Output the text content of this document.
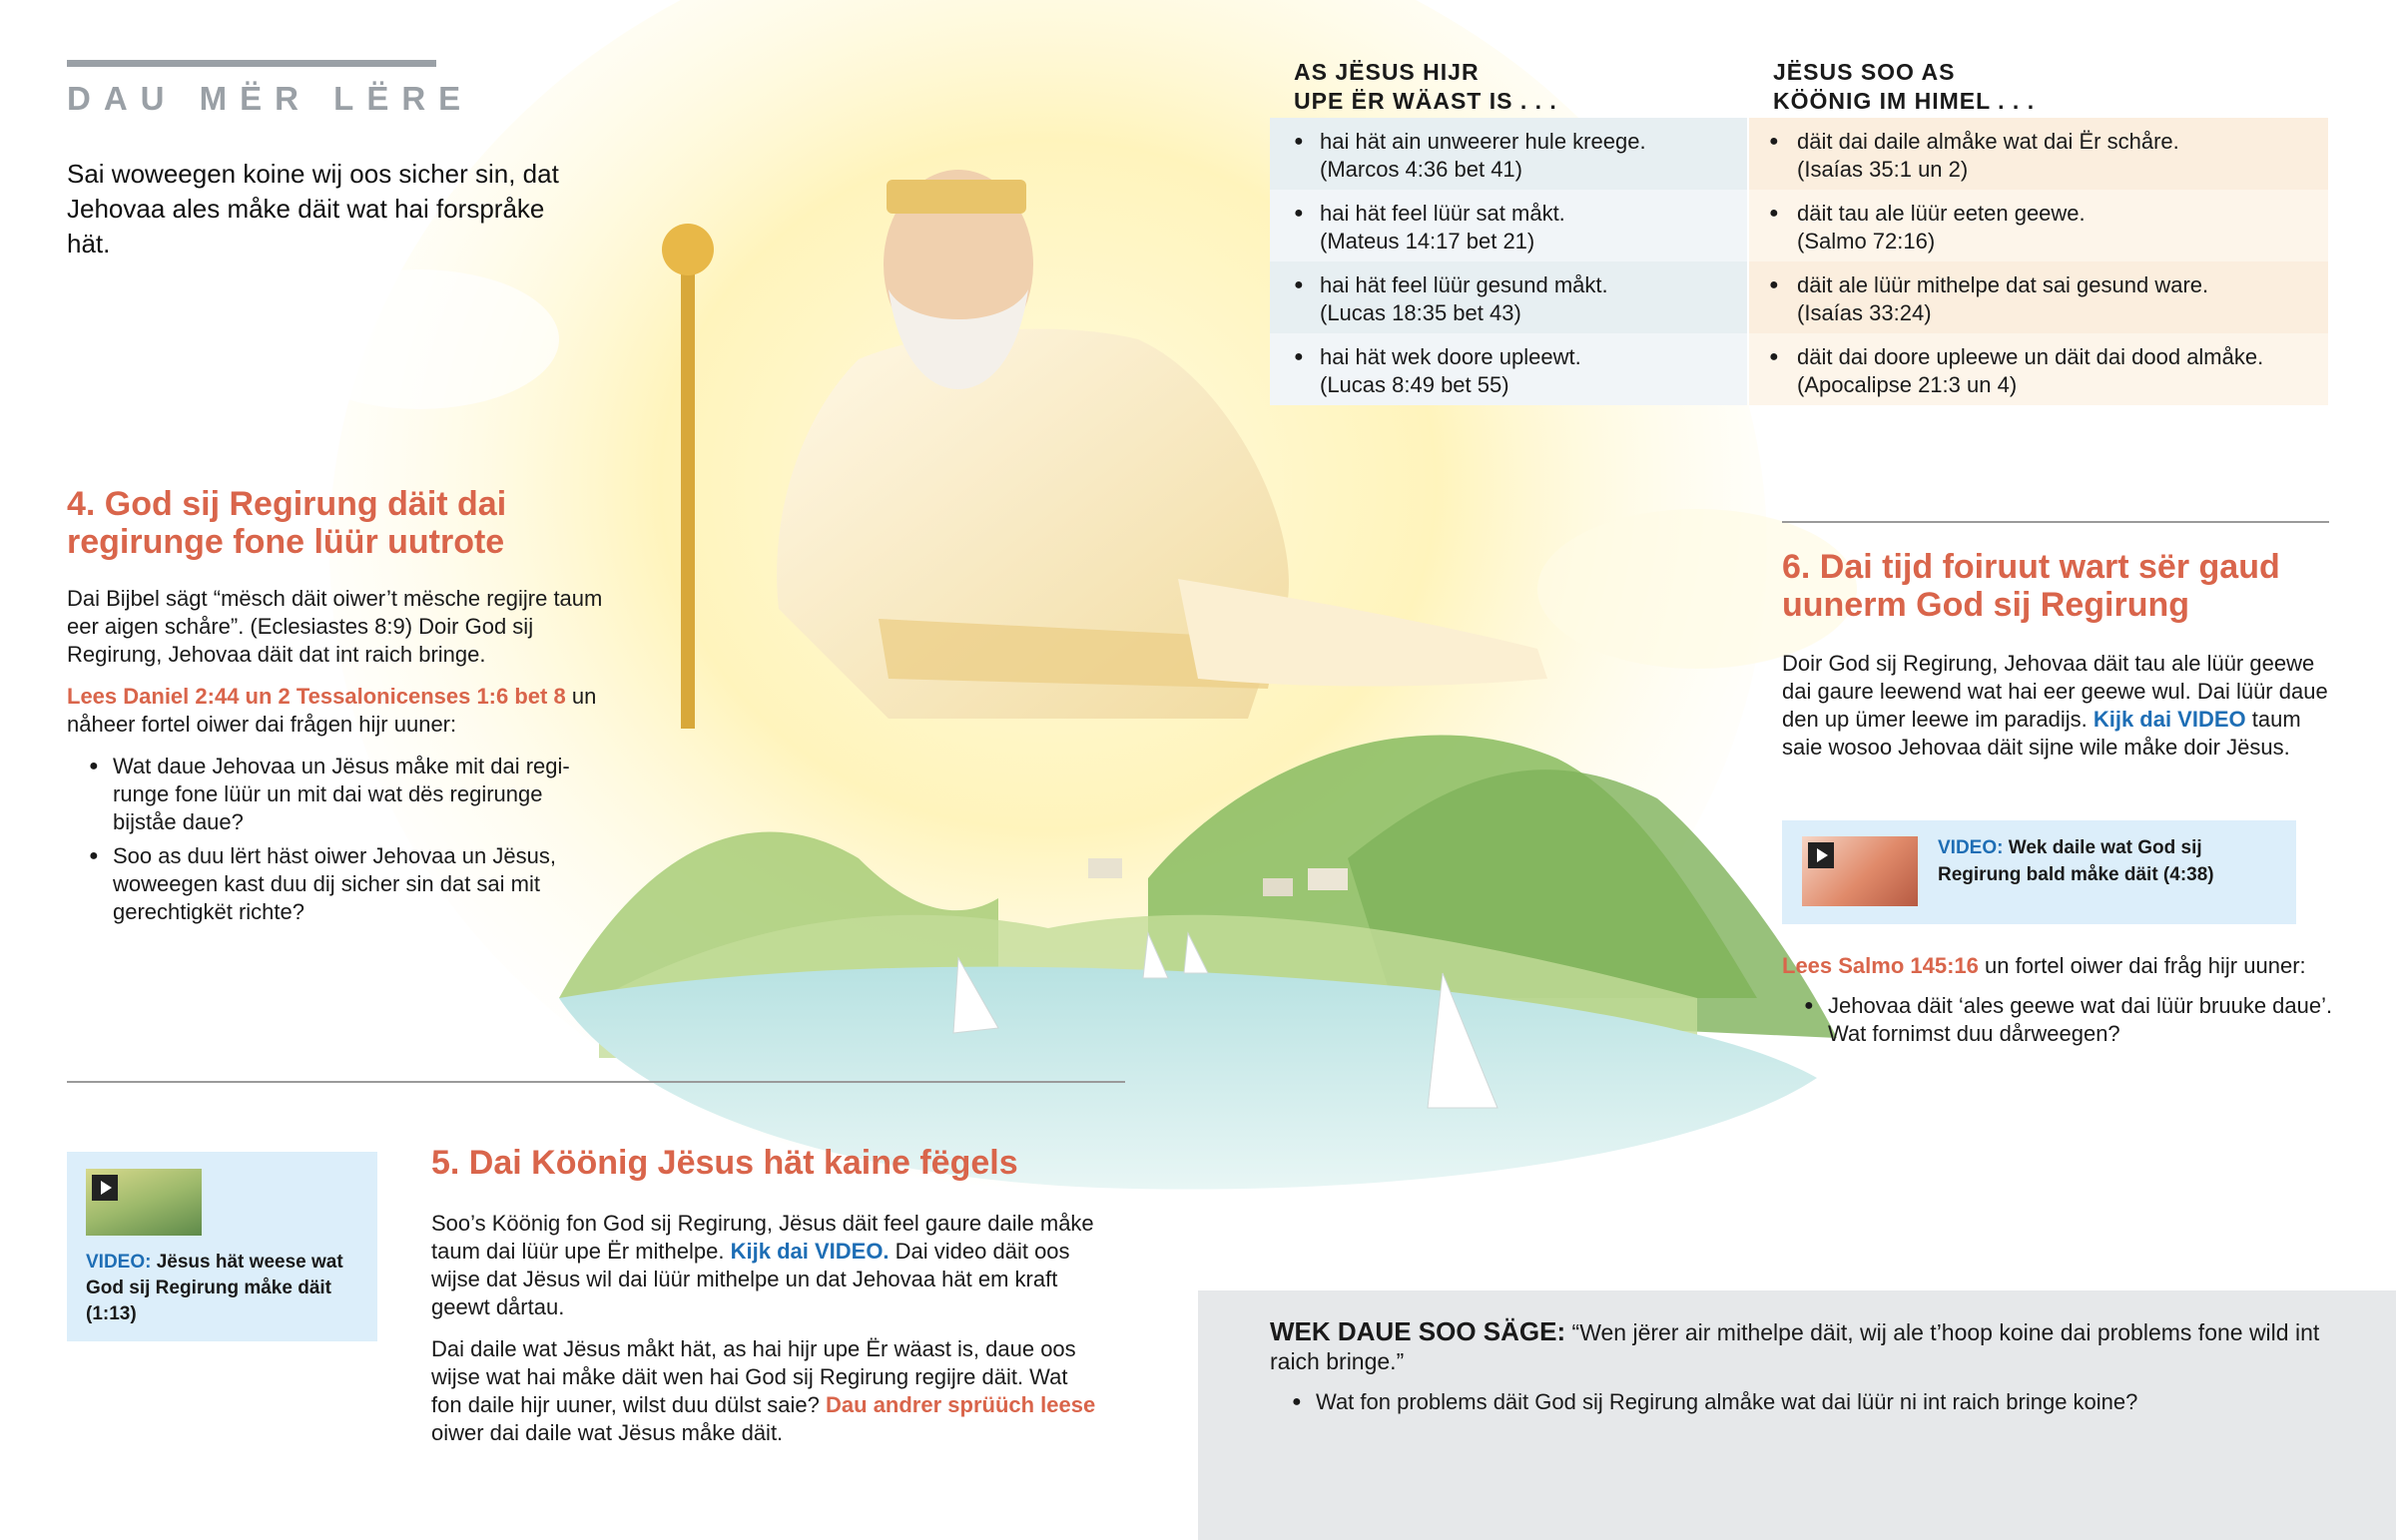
DAU MËR LËRE
Sai woweegen koine wij oos sicher sin, dat Jehovaa ales måke däit wat hai forspråke hät.
AS JËSUS HIJR
UPE ËR WÄAST IS . . .
● hai hät ain unweerer hule kreege.
(Marcos 4:36 bet 41)
● hai hät feel lüür sat måkt.
(Mateus 14:17 bet 21)
● hai hät feel lüür gesund måkt.
(Lucas 18:35 bet 43)
● hai hät wek doore upleewt.
(Lucas 8:49 bet 55)
JËSUS SOO AS
KÖÖNIG IM HIMEL . . .
● däit dai daile almåke wat dai Ër schåre.
(Isaías 35:1 un 2)
● däit tau ale lüür eeten geewe.
(Salmo 72:16)
● däit ale lüür mithelpe dat sai gesund ware.
(Isaías 33:24)
● däit dai doore upleewe un däit dai dood almåke.
(Apocalipse 21:3 un 4)
4. God sij Regirung däit dai
regirunge fone lüür uutrote

Dai Bijbel sägt “mësch däit oiwer’t mësche regijre taum eer aigen schåre”. (Eclesiastes 8:9) Doir God sij Regirung, Jehovaa däit dat int raich bringe.

Lees Daniel 2:44 un 2 Tessalonicenses 1:6 bet 8 un nåheer fortel oiwer dai frågen hijr uuner:

● Wat daue Jehovaa un Jësus måke mit dai regirunge fone lüür un mit dai wat dës regirunge bijståe daue?
● Soo as duu lërt häst oiwer Jehovaa un Jësus, woweegen kast duu dij sicher sin dat sai mit gerechtigkët richte?
6. Dai tijd foiruut wart sër gaud
uunerm God sij Regirung

Doir God sij Regirung, Jehovaa däit tau ale lüür geewe dai gaure leewend wat hai eer geewe wul. Dai lüür daue den up ümer leewe im paradijs. Kijk dai VIDEO taum saie wosoo Jehovaa däit sijne wile måke doir Jësus.

VIDEO: Wek daile wat God sij Regirung bald måke däit (4:38)

Lees Salmo 145:16 un fortel oiwer dai fråg hijr uuner:

● Jehovaa däit ‘ales geewe wat dai lüür bruuke daue’. Wat fornimst duu dårweegen?
VIDEO: Jësus hät weese wat God sij Regirung måke däit (1:13)
5. Dai Köönig Jësus hät kaine fëgels

Soo’s Köönig fon God sij Regirung, Jësus däit feel gaure daile måke taum dai lüür upe Ër mithelpe. Kijk dai VIDEO. Dai video däit oos wijse dat Jësus wil dai lüür mithelpe un dat Jehovaa hät em kraft geewt dårtau.

Dai daile wat Jësus måkt hät, as hai hijr upe Ër wäast is, daue oos wijse wat hai måke däit wen hai God sij Regirung regijre däit. Wat fon daile hijr uuner, wilst duu dülst saie? Dau andrer sprüüch leese oiwer dai daile wat Jësus måke däit.

WEK DAUE SOO SÄGE: “Wen jërer air mithelpe däit, wij ale t’hoop koine dai problems fone wild int raich bringe.”

● Wat fon problems däit God sij Regirung almåke wat dai lüür ni int raich bringe koine?
